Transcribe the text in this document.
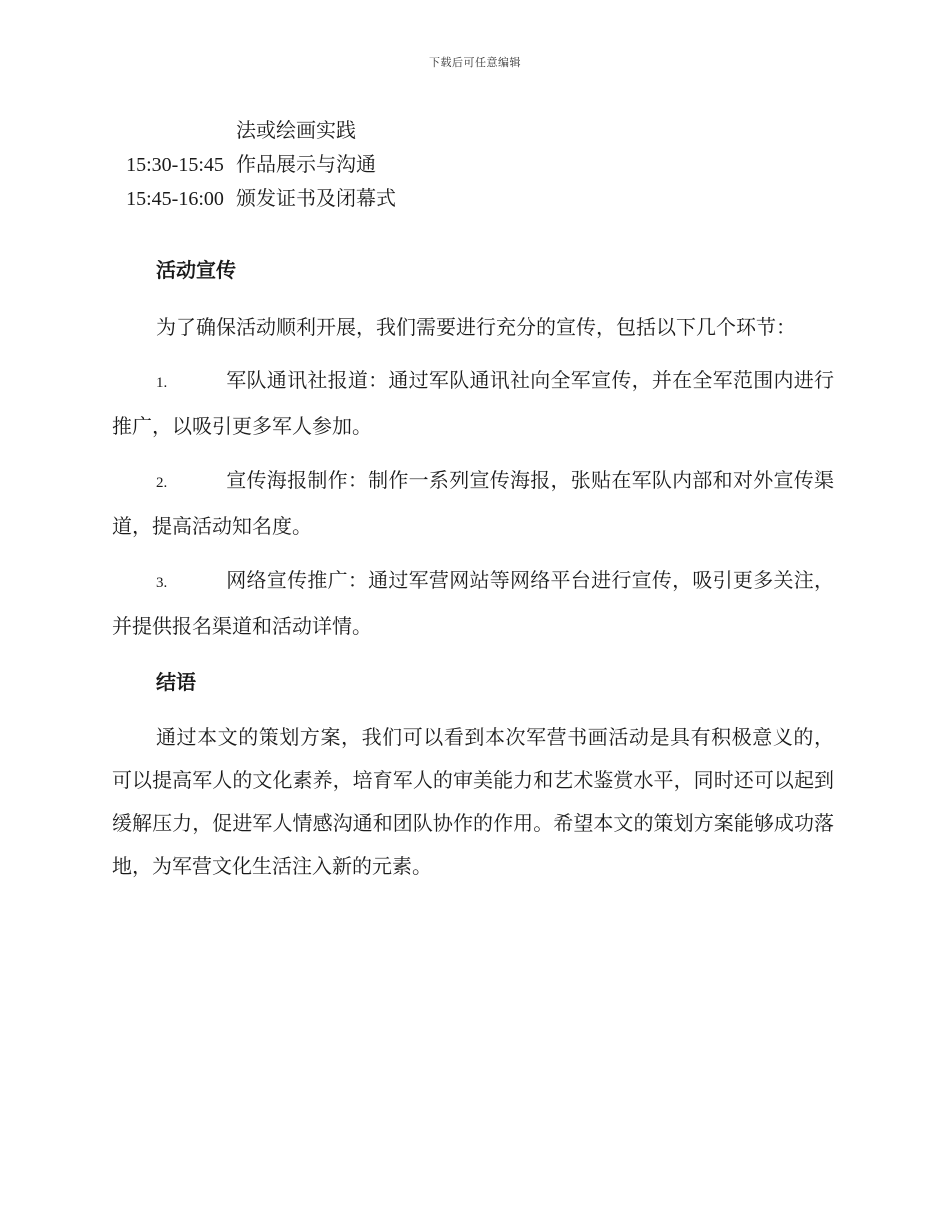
下载后可任意编辑
法或绘画实践
15:30-15:45 作品展示与沟通
15:45-16:00 颁发证书及闭幕式
活动宣传

为了确保活动顺利开展，我们需要进行充分的宣传，包括以下几个环节：

1.	军队通讯社报道：通过军队通讯社向全军宣传，并在全军范围内进行推广，以吸引更多军人参加。
2.	宣传海报制作：制作一系列宣传海报，张贴在军队内部和对外宣传渠道，提高活动知名度。
3.	网络宣传推广：通过军营网站等网络平台进行宣传，吸引更多关注，并提供报名渠道和活动详情。
结语

通过本文的策划方案，我们可以看到本次军营书画活动是具有积极意义的，可以提高军人的文化素养，培育军人的审美能力和艺术鉴赏水平，同时还可以起到缓解压力，促进军人情感沟通和团队协作的作用。希望本文的策划方案能够成功落地，为军营文化生活注入新的元素。
